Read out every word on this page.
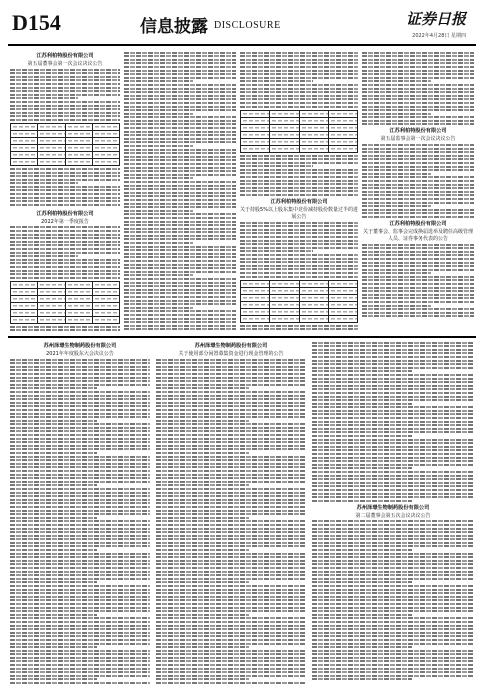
D154	信息披露 DISCLOSURE	证券日报
2022年4月28日 星期四
江苏利柏特股份有限公司
第五届董事会第一次会议决议公告
江苏利柏特股份有限公司
2022年第一季度报告
江苏利柏特股份有限公司
关于持股5%以上股东集中竞价减持股份数量过半的进展公告
江苏利柏特股份有限公司
第五届监事会第一次会议决议公告
江苏利柏特股份有限公司
关于董事会、监事会完成换届选举及聘任高级管理人员、证券事务代表的公告
苏州泽璟生物制药股份有限公司
2021年年度股东大会决议公告
苏州泽璟生物制药股份有限公司
关于使用部分闲置募集资金进行现金管理的公告
苏州泽璟生物制药股份有限公司
第二届董事会第五次会议决议公告
